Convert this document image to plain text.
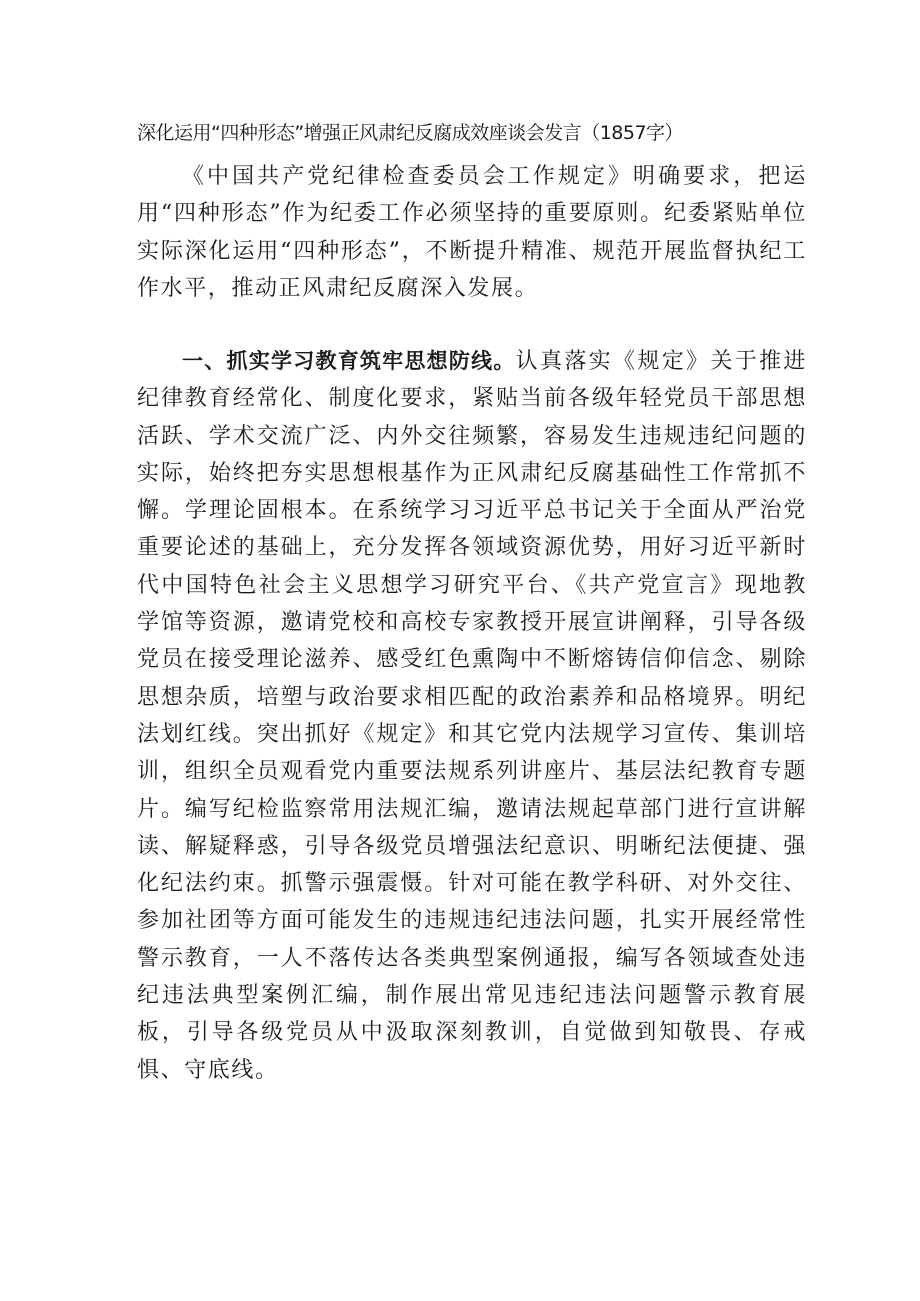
深化运用“四种形态”增强正风肃纪反腐成效座谈会发言（1857字）

《中国共产党纪律检查委员会工作规定》明确要求，把运用“四种形态”作为纪委工作必须坚持的重要原则。纪委紧贴单位实际深化运用“四种形态”，不断提升精准、规范开展监督执纪工作水平，推动正风肃纪反腐深入发展。

一、抓实学习教育筑牢思想防线。认真落实《规定》关于推进纪律教育经常化、制度化要求，紧贴当前各级年轻党员干部思想活跃、学术交流广泛、内外交往频繁，容易发生违规违纪问题的实际，始终把夯实思想根基作为正风肃纪反腐基础性工作常抓不懈。学理论固根本。在系统学习习近平总书记关于全面从严治党重要论述的基础上，充分发挥各领域资源优势，用好习近平新时代中国特色社会主义思想学习研究平台、《共产党宣言》现地教学馆等资源，邀请党校和高校专家教授开展宣讲阐释，引导各级党员在接受理论滋养、感受红色熏陶中不断熔铸信仰信念、剔除思想杂质，培塑与政治要求相匹配的政治素养和品格境界。明纪法划红线。突出抓好《规定》和其它党内法规学习宣传、集训培训，组织全员观看党内重要法规系列讲座片、基层法纪教育专题片。编写纪检监察常用法规汇编，邀请法规起草部门进行宣讲解读、解疑释惑，引导各级党员增强法纪意识、明晰纪法便捷、强化纪法约束。抓警示强震慑。针对可能在教学科研、对外交往、参加社团等方面可能发生的违规违纪违法问题，扎实开展经常性警示教育，一人不落传达各类典型案例通报，编写各领域查处违纪违法典型案例汇编，制作展出常见违纪违法问题警示教育展板，引导各级党员从中汲取深刻教训，自觉做到知敬畏、存戒惧、守底线。
